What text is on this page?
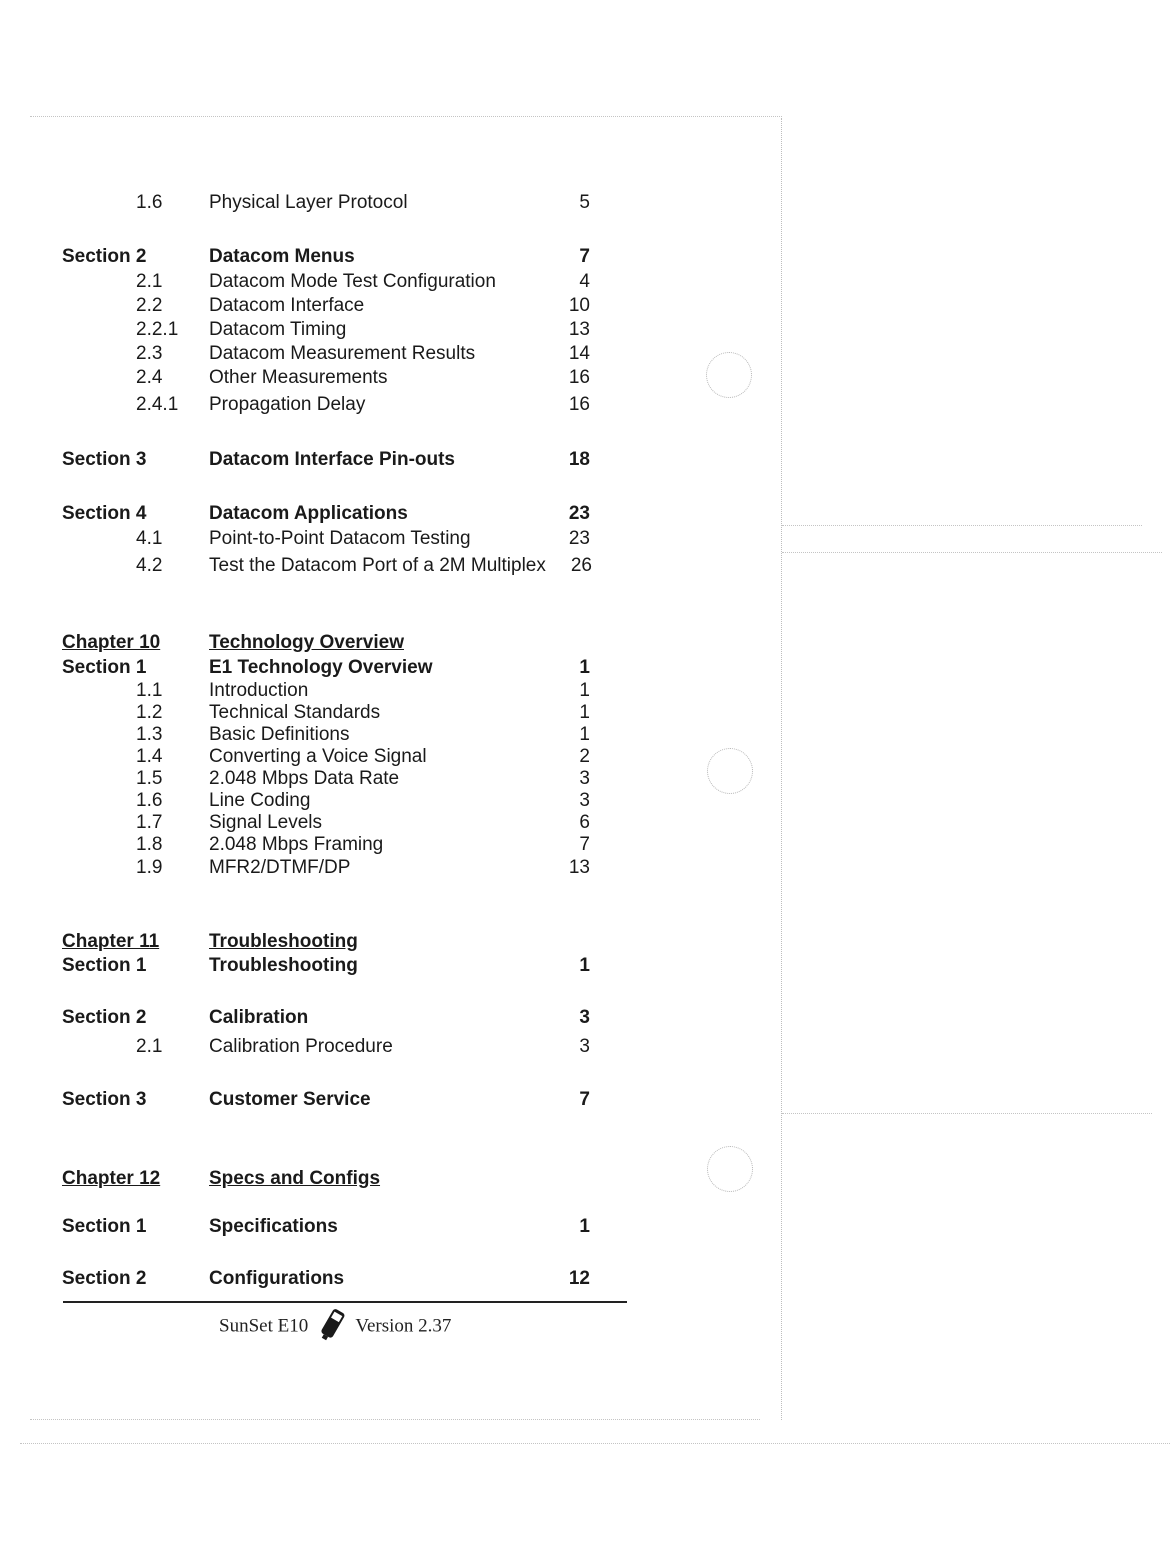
1.6 Physical Layer Protocol	5
Section 2	Datacom Menus	7
2.1 Datacom Mode Test Configuration	4
2.2 Datacom Interface	10
2.2.1 Datacom Timing	13
2.3 Datacom Measurement Results	14
2.4 Other Measurements	16
2.4.1 Propagation Delay	16
Section 3	Datacom Interface Pin-outs	18
Section 4	Datacom Applications	23
4.1 Point-to-Point Datacom Testing	23
4.2 Test the Datacom Port of a 2M Multiplex	26
Chapter 10	Technology Overview
Section 1	E1 Technology Overview	1
1.1 Introduction	1
1.2 Technical Standards	1
1.3 Basic Definitions	1
1.4 Converting a Voice Signal	2
1.5 2.048 Mbps Data Rate	3
1.6 Line Coding	3
1.7 Signal Levels	6
1.8 2.048 Mbps Framing	7
1.9 MFR2/DTMF/DP	13
Chapter 11	Troubleshooting
Section 1	Troubleshooting	1
Section 2	Calibration	3
2.1 Calibration Procedure	3
Section 3	Customer Service	7
Chapter 12	Specs and Configs
Section 1	Specifications	1
Section 2	Configurations	12
SunSet E10 Version 2.37
